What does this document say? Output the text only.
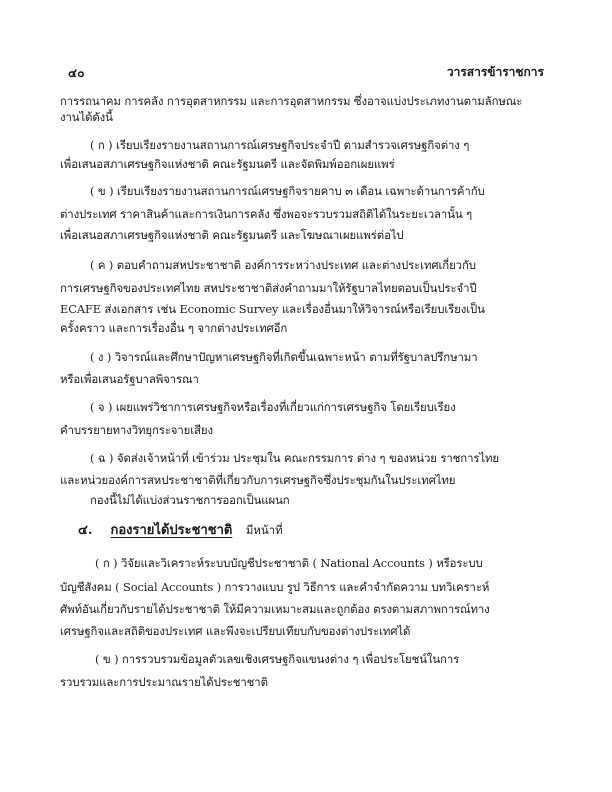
๔๐	วารสารข้าราชการ
การรถนาคม การคลัง การอุตสาหกรรม และการอุตสาหกรรม ซึ่งอาจแบ่งประเภทงานตามลักษณะ
งานได้ดังนี้
( ก ) เรียบเรียงรายงานสถานการณ์เศรษฐกิจประจำปี ตามสำรวจเศรษฐกิจต่าง ๆ
เพื่อเสนอสภาเศรษฐกิจแห่งชาติ คณะรัฐมนตรี และจัดพิมพ์ออกเผยแพร่
( ข ) เรียบเรียงรายงานสถานการณ์เศรษฐกิจรายคาบ ๓ เดือน เฉพาะด้านการค้ากับ
ต่างประเทศ ราคาสินค้าและการเงินการคลัง ซึ่งพอจะรวบรวมสถิติได้ในระยะเวลานั้น ๆ
เพื่อเสนอสภาเศรษฐกิจแห่งชาติ คณะรัฐมนตรี และโฆษณาเผยแพร่ต่อไป
( ค ) ตอบคำถามสหประชาชาติ องค์การระหว่างประเทศ และต่างประเทศเกี่ยวกับ
การเศรษฐกิจของประเทศไทย สหประชาชาติส่งคำถามมาให้รัฐบาลไทยตอบเป็นประจำปี
ECAFE ส่งเอกสาร เช่น Economic Survey และเรื่องอื่นมาให้วิจารณ์หรือเรียบเรียงเป็น
ครั้งคราว และการเรื่องอื่น ๆ จากต่างประเทศอีก
( ง ) วิจารณ์และศึกษาปัญหาเศรษฐกิจที่เกิดขึ้นเฉพาะหน้า ตามที่รัฐบาลปรึกษามา
หรือเพื่อเสนอรัฐบาลพิจารณา
( จ ) เผยแพร่วิชาการเศรษฐกิจหรือเรื่องที่เกี่ยวแก่การเศรษฐกิจ โดยเรียบเรียง
คำบรรยายทางวิทยุกระจายเสียง
( ฉ ) จัดส่งเจ้าหน้าที่ เข้าร่วม ประชุมใน คณะกรรมการ ต่าง ๆ ของหน่วย ราชการไทย
และหน่วยองค์การสหประชาชาติที่เกี่ยวกับการเศรษฐกิจซึ่งประชุมกันในประเทศไทย
กองนี้ไม่ได้แบ่งส่วนราชการออกเป็นแผนก
๔. กองรายได้ประชาชาติ มีหน้าที่
( ก ) วิจัยและวิเคราะห์ระบบบัญชีประชาชาติ ( National Accounts ) หรือระบบ
บัญชีสังคม ( Social Accounts ) การวางแบบ รูป วิธีการ และคำจำกัดความ บทวิเคราะห์
ศัพท์อันเกี่ยวกับรายได้ประชาชาติ ให้มีความเหมาะสมและถูกต้อง ตรงตามสภาพการณ์ทาง
เศรษฐกิจและสถิติของประเทศ และพึงจะเปรียบเทียบกับของต่างประเทศได้
( ข ) การรวบรวมข้อมูลตัวเลขเชิงเศรษฐกิจแขนงต่าง ๆ เพื่อประโยชน์ในการ
รวบรวมและการประมาณรายได้ประชาชาติ
